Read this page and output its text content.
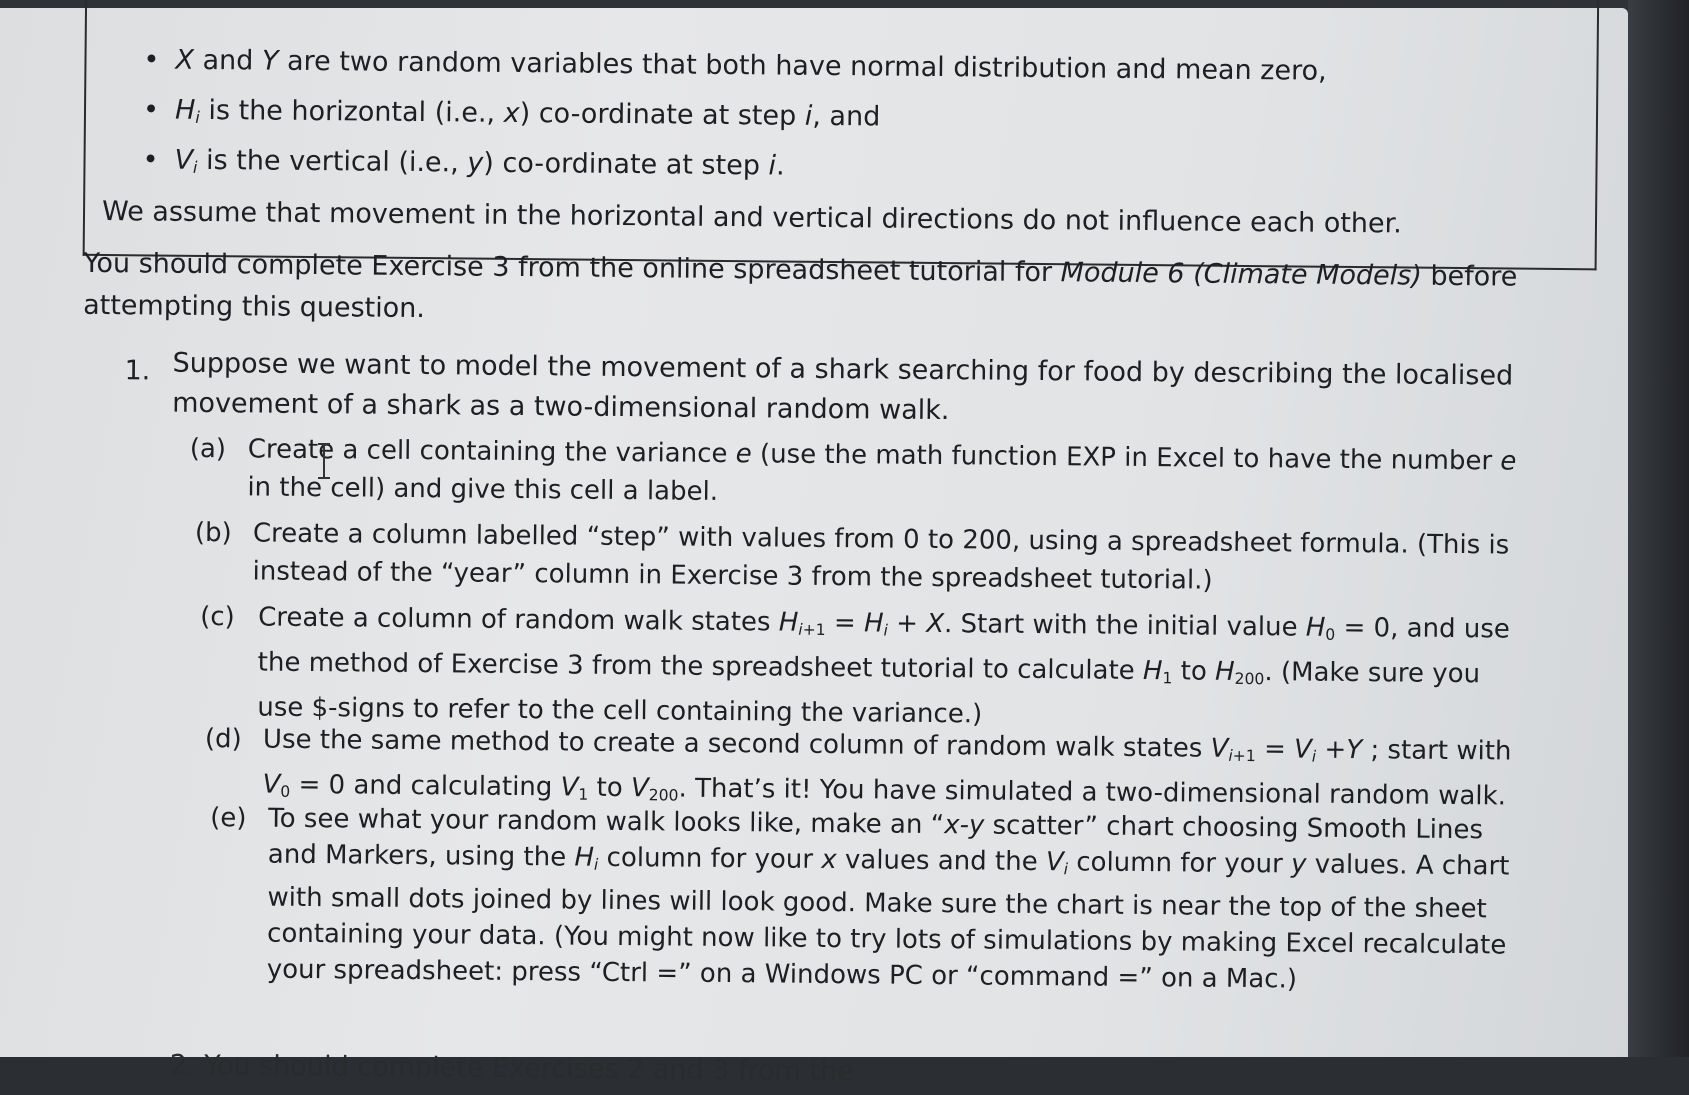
• X and Y are two random variables that both have normal distribution and mean zero,
• $H_i$ is the horizontal (i.e., x) co-ordinate at step i, and
• $V_i$ is the vertical (i.e., y) co-ordinate at step i.
We assume that movement in the horizontal and vertical directions do not influence each other.
You should complete Exercise 3 from the online spreadsheet tutorial for Module 6 (Climate Models) before attempting this question.
1. Suppose we want to model the movement of a shark searching for food by describing the localised movement of a shark as a two-dimensional random walk.
(a) Create a cell containing the variance e (use the math function EXP in Excel to have the number e in the cell) and give this cell a label.
(b) Create a column labelled “step” with values from 0 to 200, using a spreadsheet formula. (This is instead of the “year” column in Exercise 3 from the spreadsheet tutorial.)
(c) Create a column of random walk states $H_{i+1} = H_i + X$. Start with the initial value $H_0 = 0$, and use the method of Exercise 3 from the spreadsheet tutorial to calculate $H_1$ to $H_{200}$. (Make sure you use $-signs to refer to the cell containing the variance.)
(d) Use the same method to create a second column of random walk states $V_{i+1} = V_i +Y$ ; start with $V_0 = 0$ and calculating $V_1$ to $V_{200}$. That’s it! You have simulated a two-dimensional random walk.
(e) To see what your random walk looks like, make an “x-y scatter” chart choosing Smooth Lines and Markers, using the $H_i$ column for your x values and the $V_i$ column for your y values. A chart with small dots joined by lines will look good. Make sure the chart is near the top of the sheet containing your data. (You might now like to try lots of simulations by making Excel recalculate your spreadsheet: press “Ctrl =” on a Windows PC or “command =” on a Mac.)
2. You should complete Exercises 2 and 3 from the
